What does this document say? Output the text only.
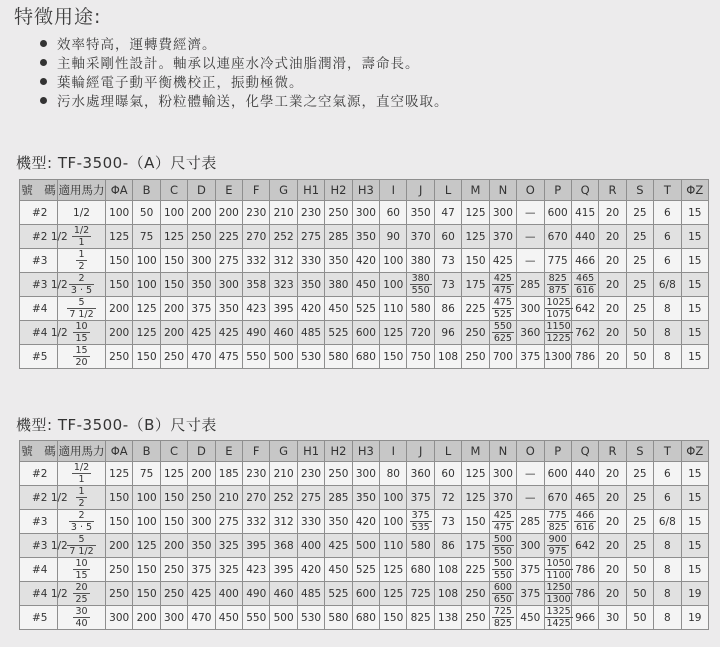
特徵用途:
效率特高，運轉費經濟。
主軸采剛性設計。軸承以連座水冷式油脂潤滑，壽命長。
葉輪經電子動平衡機校正，振動極微。
污水處理曝氣，粉粒體輸送，化學工業之空氣源，直空吸取。
機型: TF-3500-（A）尺寸表
號　碼	適用馬力	ΦA	B	C	D	E	F	G	H1	H2	H3	I	J	L	M	N	O	P	Q	R	S	T	ΦZ
#2	1/2	100	50	100	200	200	230	210	230	250	300	60	350	47	125	300	—	600	415	20	25	6	15
#2 1/2	$\frac{1/2}{1}$	125	75	125	250	225	270	252	275	285	350	90	370	60	125	370	—	670	440	20	25	6	15
#3	$\frac{1}{2}$	150	100	150	300	275	332	312	330	350	420	100	380	73	150	425	—	775	466	20	25	6	15
#3 1/2	$\frac{2}{3 \cdot 5}$	150	100	150	350	300	358	323	350	380	450	100	$\frac{380}{550}$	73	175	$\frac{425}{475}$	285	$\frac{825}{875}$	$\frac{465}{616}$	20	25	6/8	15
#4	$\frac{5}{7 1/2}$	200	125	200	375	350	423	395	420	450	525	110	580	86	225	$\frac{475}{525}$	300	$\frac{1025}{1075}$	642	20	25	8	15
#4 1/2	$\frac{10}{15}$	200	125	200	425	425	490	460	485	525	600	125	720	96	250	$\frac{550}{625}$	360	$\frac{1150}{1225}$	762	20	50	8	15
#5	$\frac{15}{20}$	250	150	250	470	475	550	500	530	580	680	150	750	108	250	700	375	1300	786	20	50	8	15
機型: TF-3500-（B）尺寸表
號　碼	適用馬力	ΦA	B	C	D	E	F	G	H1	H2	H3	I	J	L	M	N	O	P	Q	R	S	T	ΦZ
#2	$\frac{1/2}{1}$	125	75	125	200	185	230	210	230	250	300	80	360	60	125	300	—	600	440	20	25	6	15
#2 1/2	$\frac{1}{2}$	150	100	150	250	210	270	252	275	285	350	100	375	72	125	370	—	670	465	20	25	6	15
#3	$\frac{2}{3 \cdot 5}$	150	100	150	300	275	332	312	330	350	420	100	$\frac{375}{535}$	73	150	$\frac{425}{475}$	285	$\frac{775}{825}$	$\frac{466}{616}$	20	25	6/8	15
#3 1/2	$\frac{5}{7 1/2}$	200	125	200	350	325	395	368	400	425	500	110	580	86	175	$\frac{500}{550}$	300	$\frac{900}{975}$	642	20	25	8	15
#4	$\frac{10}{15}$	250	150	250	375	325	423	395	420	450	525	125	680	108	225	$\frac{500}{550}$	375	$\frac{1050}{1100}$	786	20	50	8	15
#4 1/2	$\frac{20}{25}$	250	150	250	425	400	490	460	485	525	600	125	725	108	250	$\frac{600}{650}$	375	$\frac{1250}{1300}$	786	20	50	8	19
#5	$\frac{30}{40}$	300	200	300	470	450	550	500	530	580	680	150	825	138	250	$\frac{725}{825}$	450	$\frac{1325}{1425}$	966	30	50	8	19
